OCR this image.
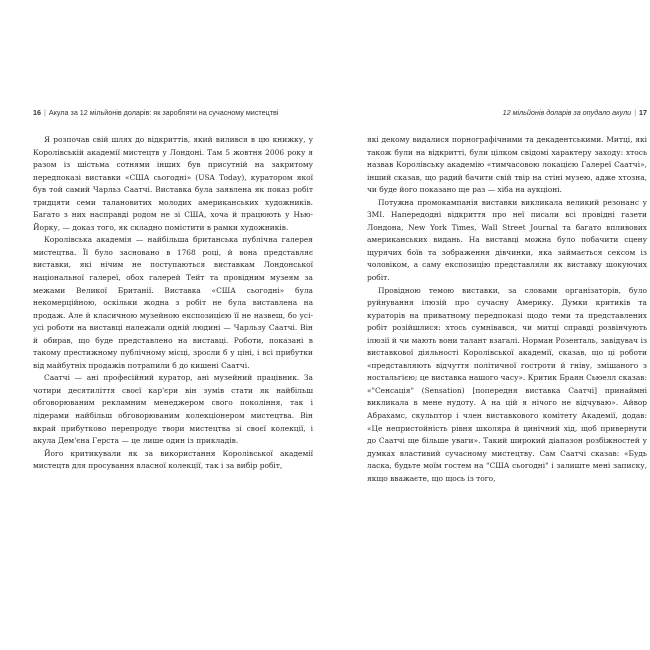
16 | Акула за 12 мільйонів доларів: як заробляти на сучасному мистецтві

Я розпочав свій шлях до відкриттів, який вилився в цю книжку, у Королівській академії мистецтв у Лондоні. Там 5 жовтня 2006 року я разом із шістьма сотнями інших був присутній на закритому передпоказі виставки «США сьогодні» (USA Today), куратором якої був той самий Чарльз Саатчі. Виставка була заявлена як показ робіт тридцяти семи талановитих молодих американських художників. Багато з них насправді родом не зі США, хоча й працюють у Нью-Йорку, — доказ того, як складно помістити в рамки художників.

Королівська академія — найбільша британська публічна галерея мистецтва. Її було засновано в 1768 році, й вона представляє виставки, які нічим не поступаються виставкам Лондонської національної галереї, обох галерей Тейт та провідним музеям за межами Великої Британії. Виставка «США сьогодні» була некомерційною, оскільки жодна з робіт не була виставлена на продаж. Але й класичною музейною експозицією її не назвеш, бо усі-усі роботи на виставці належали одній людині — Чарльзу Саатчі. Він й обирав, що буде представлено на виставці. Роботи, показані в такому престижному публічному місці, зросли б у ціні, і всі прибутки від майбутніх продажів потрапили б до кишені Саатчі.

Саатчі — ані професійний куратор, ані музейний працівник. За чотири десятиліття своєї кар'єри він зумів стати як найбільш обговорюваним рекламним менеджером свого покоління, так і лідерами найбільш обговорюваним колекціонером мистецтва. Він вкрай прибутково перепродує твори мистецтва зі своєї колекції, і акула Дем'єна Герста — це лише один із прикладів.

Його критикували як за використання Королівської академії мистецтв для просування власної колекції, так і за вибір робіт,

12 мільйонів доларів за опудало акули | 17

які декому видалися порнографічними та декадентськими. Митці, які також були на відкритті, були цілком свідомі характеру заходу: хтось назвав Королівську академію «тимчасовою локацією Галереї Саатчі», інший сказав, що радий бачити свій твір на стіні музею, адже хтозна, чи буде його показано ще раз — хіба на аукціоні.

Потужна промокампанія виставки викликала великий резонанс у ЗМІ. Напередодні відкриття про неї писали всі провідні газети Лондона, New York Times, Wall Street Journal та багато впливових американських видань. На виставці можна було побачити сцену щурячих боїв та зображення дівчинки, яка займається сексом із чоловіком, а саму експозицію представляли як виставку шокуючих робіт.

Провідною темою виставки, за словами організаторів, було руйнування ілюзій про сучасну Америку. Думки критиків та кураторів на приватному передпоказі щодо теми та представлених робіт розійшлися: хтось сумнівався, чи митці справді розвінчують ілюзії й чи мають вони талант взагалі. Норман Розенталь, завідувач із виставкової діяльності Королівської академії, сказав, що ці роботи «представляють відчуття політичної гостроти й гніву, змішаного з ностальгією; це виставка нашого часу». Критик Браян Сьюелл сказав: «"Сенсація" (Sensation) [попередня виставка Саатчі] принаймні викликала в мене нудоту. А на цій я нічого не відчуваю». Айвор Абрахамс, скульптор і член виставкового комітету Академії, додав: «Це непристойність рівня школяра й цинічний хід, щоб привернути до Саатчі ще більше уваги». Такий широкий діапазон розбіжностей у думках властивий сучасному мистецтву. Сам Саатчі сказав: «Будь ласка, будьте моїм гостем на "США сьогодні" і залиште мені записку, якщо вважаєте, що щось із того,
